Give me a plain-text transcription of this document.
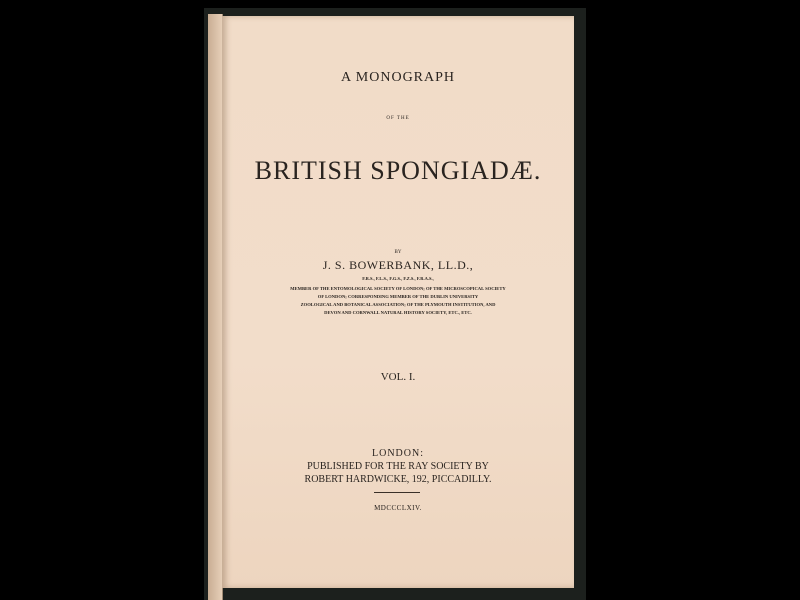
A MONOGRAPH
OF THE
BRITISH SPONGIADÆ.
BY
J. S. BOWERBANK, LL.D.,
F.R.S., F.L.S., F.G.S., F.Z.S., F.R.A.S.,
MEMBER OF THE ENTOMOLOGICAL SOCIETY OF LONDON; OF THE MICROSCOPICAL SOCIETY
OF LONDON; CORRESPONDING MEMBER OF THE DUBLIN UNIVERSITY
ZOOLOGICAL AND BOTANICAL ASSOCIATION; OF THE PLYMOUTH INSTITUTION, AND
DEVON AND CORNWALL NATURAL HISTORY SOCIETY, ETC., ETC.
VOL. I.
LONDON:
PUBLISHED FOR THE RAY SOCIETY BY
ROBERT HARDWICKE, 192, PICCADILLY.
MDCCCLXIV.
